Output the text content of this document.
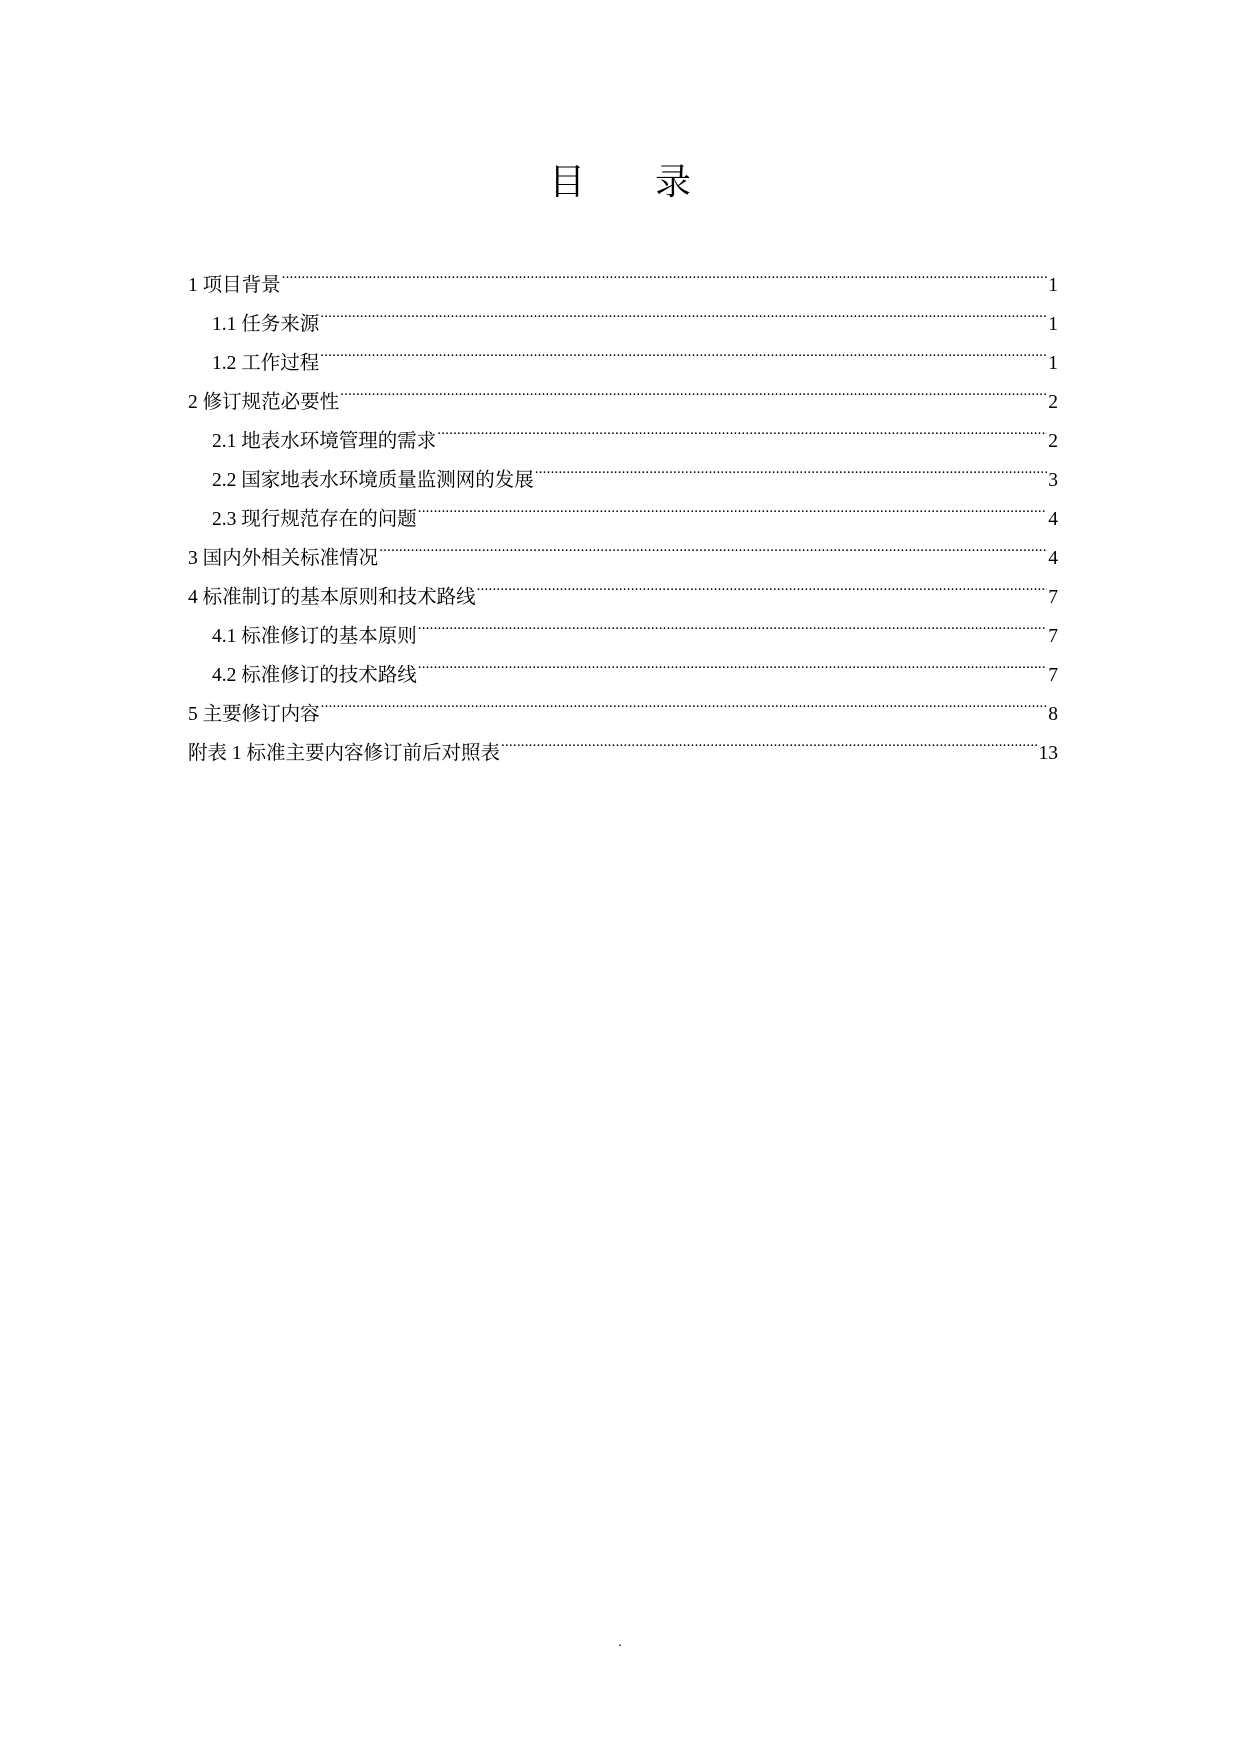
目 录
1 项目背景 .....	1
1.1 任务来源 .....	1
1.2 工作过程 .....	1
2 修订规范必要性 .....	2
2.1 地表水环境管理的需求 .....	2
2.2 国家地表水环境质量监测网的发展 .....	3
2.3 现行规范存在的问题 .....	4
3 国内外相关标准情况 .....	4
4 标准制订的基本原则和技术路线 .....	7
4.1 标准修订的基本原则 .....	7
4.2 标准修订的技术路线 .....	7
5 主要修订内容 .....	8
附表 1 标准主要内容修订前后对照表 .....	13
.
